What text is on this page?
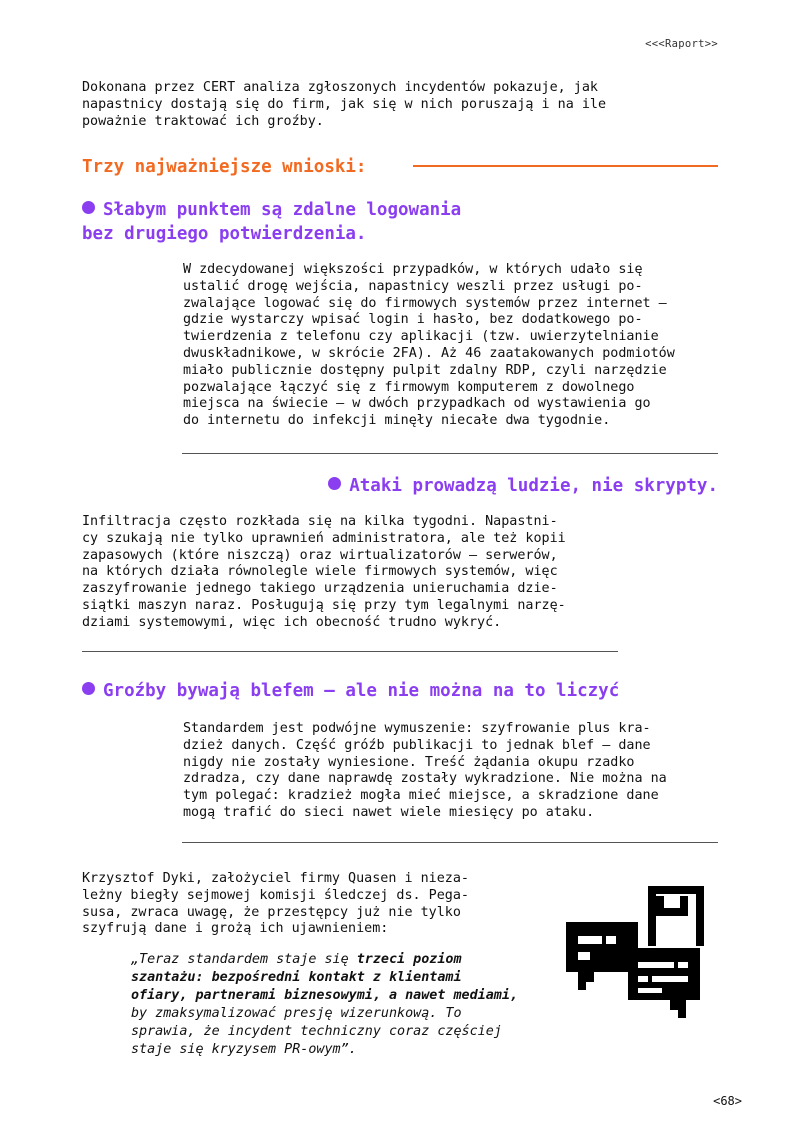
<<<Raport>>
Dokonana przez CERT analiza zgłoszonych incydentów pokazuje, jak
napastnicy dostają się do firm, jak się w nich poruszają i na ile
poważnie traktować ich groźby.
Trzy najważniejsze wnioski:
Słabym punktem są zdalne logowania
bez drugiego potwierdzenia.
W zdecydowanej większości przypadków, w których udało się
ustalić drogę wejścia, napastnicy weszli przez usługi po-
zwalające logować się do firmowych systemów przez internet —
gdzie wystarczy wpisać login i hasło, bez dodatkowego po-
twierdzenia z telefonu czy aplikacji (tzw. uwierzytelnianie
dwuskładnikowe, w skrócie 2FA). Aż 46 zaatakowanych podmiotów
miało publicznie dostępny pulpit zdalny RDP, czyli narzędzie
pozwalające łączyć się z firmowym komputerem z dowolnego
miejsca na świecie — w dwóch przypadkach od wystawienia go
do internetu do infekcji minęły niecałe dwa tygodnie.
Ataki prowadzą ludzie, nie skrypty.
Infiltracja często rozkłada się na kilka tygodni. Napastni-
cy szukają nie tylko uprawnień administratora, ale też kopii
zapasowych (które niszczą) oraz wirtualizatorów — serwerów,
na których działa równolegle wiele firmowych systemów, więc
zaszyfrowanie jednego takiego urządzenia unieruchamia dzie-
siątki maszyn naraz. Posługują się przy tym legalnymi narzę-
dziami systemowymi, więc ich obecność trudno wykryć.
Groźby bywają blefem — ale nie można na to liczyć
Standardem jest podwójne wymuszenie: szyfrowanie plus kra-
dzież danych. Część gróźb publikacji to jednak blef — dane
nigdy nie zostały wyniesione. Treść żądania okupu rzadko
zdradza, czy dane naprawdę zostały wykradzione. Nie można na
tym polegać: kradzież mogła mieć miejsce, a skradzione dane
mogą trafić do sieci nawet wiele miesięcy po ataku.
Krzysztof Dyki, założyciel firmy Quasen i nieza-
leżny biegły sejmowej komisji śledczej ds. Pega-
susa, zwraca uwagę, że przestępcy już nie tylko
szyfrują dane i grożą ich ujawnieniem:
„Teraz standardem staje się trzeci poziom szantażu: bezpośredni kontakt z klientami ofiary, partnerami biznesowymi, a nawet mediami, by zmaksymalizować presję wizerunkową. To sprawia, że incydent techniczny coraz częściej staje się kryzysem PR-owym”.
<68>
